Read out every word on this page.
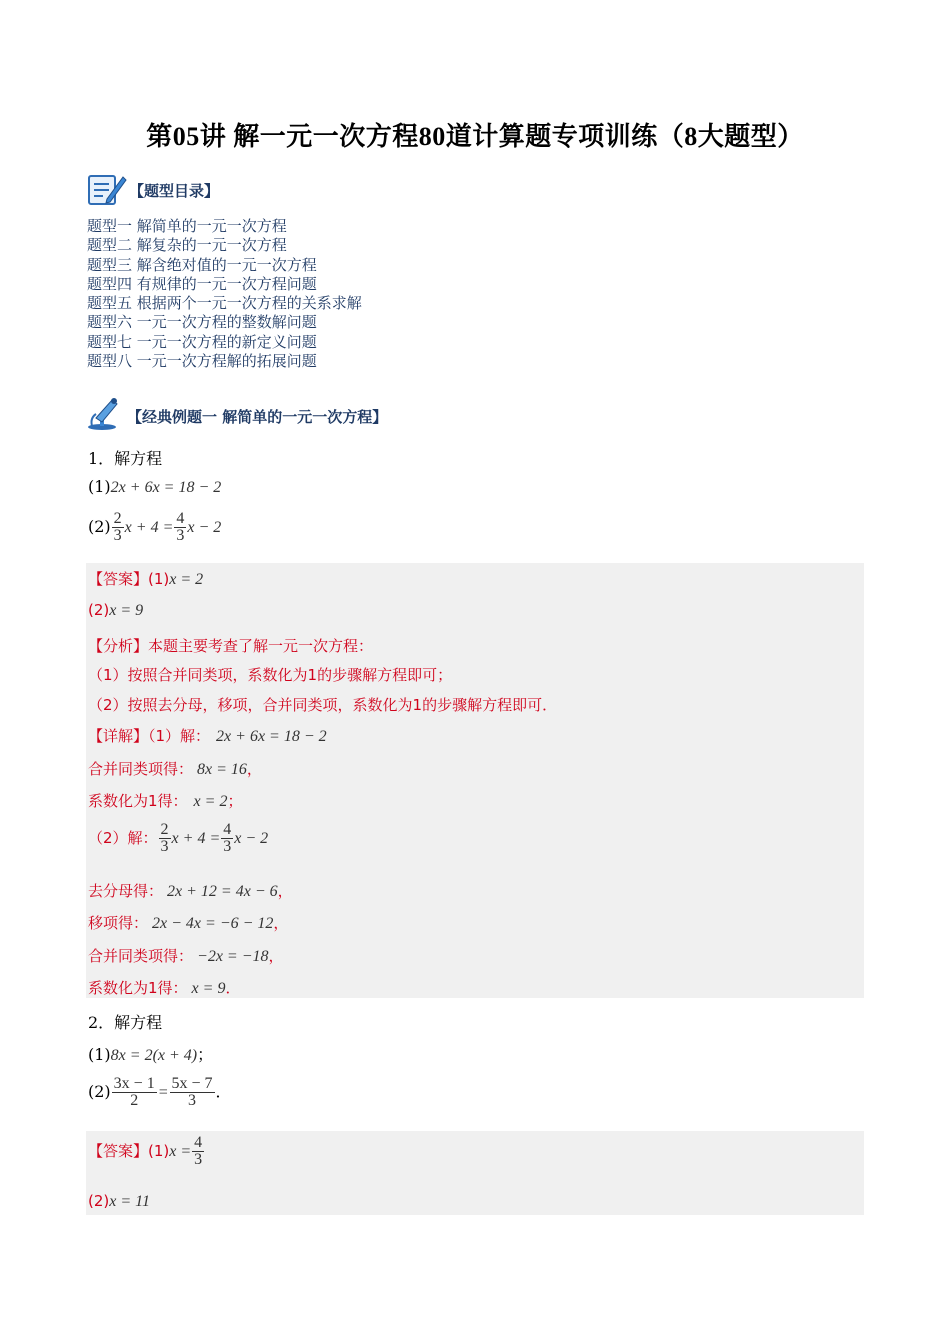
第05讲 解一元一次方程80道计算题专项训练（8大题型）
【题型目录】
题型一 解简单的一元一次方程
题型二 解复杂的一元一次方程
题型三 解含绝对值的一元一次方程
题型四 有规律的一元一次方程问题
题型五 根据两个一元一次方程的关系求解
题型六 一元一次方程的整数解问题
题型七 一元一次方程的新定义问题
题型八 一元一次方程解的拓展问题
【经典例题一 解简单的一元一次方程】
1．解方程
(1)2x + 6x = 18 − 2
$(2) \frac{2}{3}$ $x + 4 = \frac{4}{3}$ x − 2
【答案】(1)x = 2
(2)x = 9
【分析】本题主要考查了解一元一次方程：
（1）按照合并同类项，系数化为1的步骤解方程即可；
（2）按照去分母，移项，合并同类项，系数化为1的步骤解方程即可．
【详解】（1）解： 2x + 6x = 18 − 2
合并同类项得： 8x = 16，
系数化为1得： x = 2；
（2）解： $\frac{2}{3}$ $x + 4 = \frac{4}{3}$ x − 2
去分母得： 2x + 12 = 4x − 6，
移项得： 2x − 4x = −6 − 12，
合并同类项得： −2x = −18，
系数化为1得： x = 9．
2．解方程
(1)8x = 2(x + 4)；
$(2) \frac{3x - 1}{2} = \frac{5x - 7}{3}$ ．
【答案】$(1)x = \frac{4}{3}$
(2)x = 11
